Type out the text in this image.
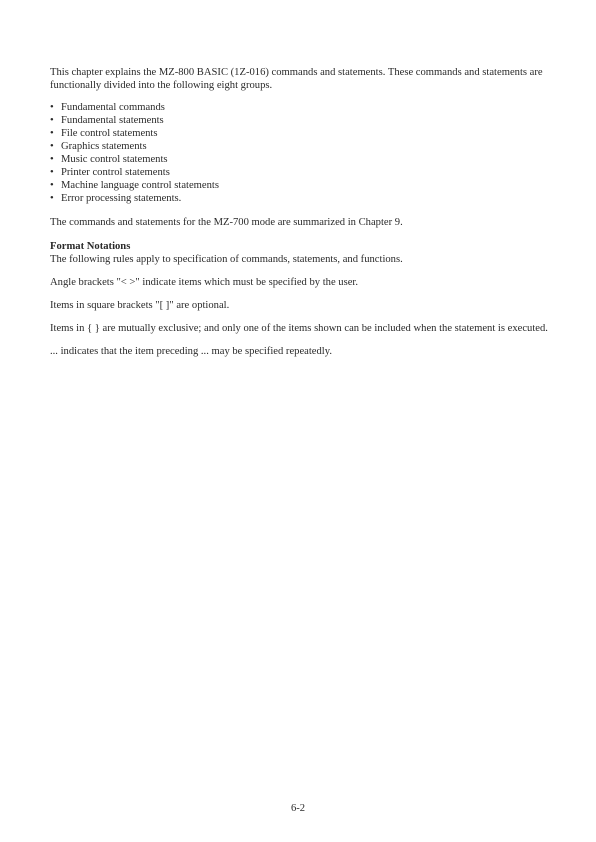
This chapter explains the MZ-800 BASIC (1Z-016) commands and statements. These commands and statements are functionally divided into the following eight groups.

• Fundamental commands
• Fundamental statements
• File control statements
• Graphics statements
• Music control statements
• Printer control statements
• Machine language control statements
• Error processing statements.

The commands and statements for the MZ-700 mode are summarized in Chapter 9.

Format Notations

The following rules apply to specification of commands, statements, and functions.

Angle brackets "< >" indicate items which must be specified by the user.

Items in square brackets "[ ]" are optional.

Items in { } are mutually exclusive; and only one of the items shown can be included when the statement is executed.

... indicates that the item preceding ... may be specified repeatedly.

6-2
